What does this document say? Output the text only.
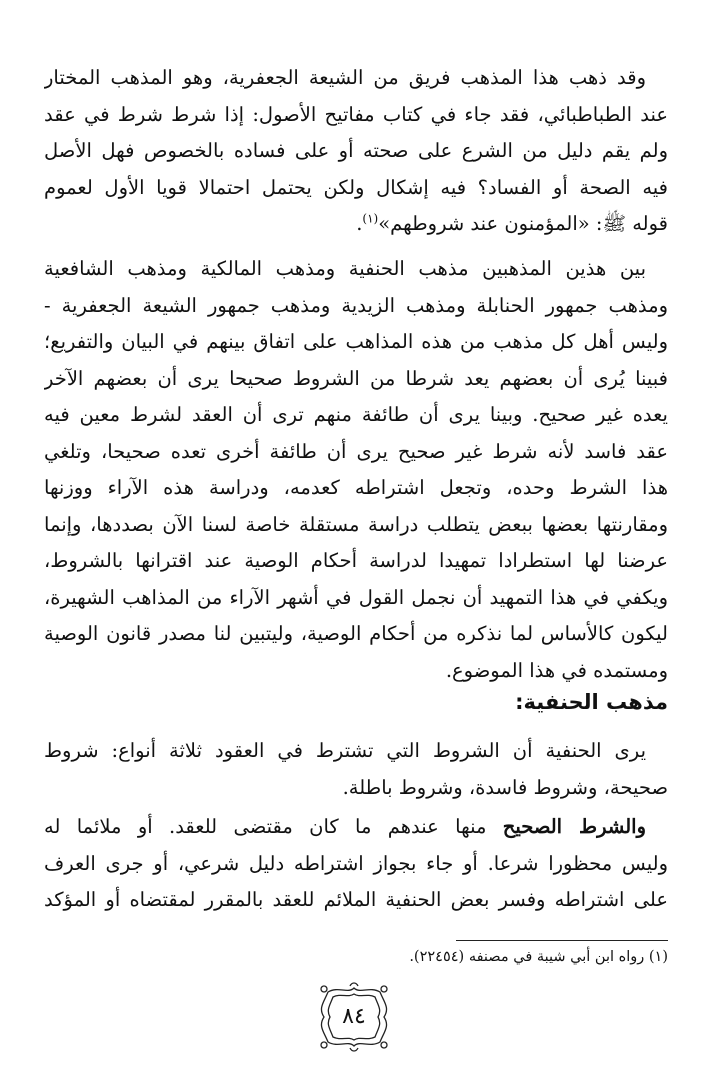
وقد ذهب هذا المذهب فريق من الشيعة الجعفرية، وهو المذهب المختار
عند الطباطبائي، فقد جاء في كتاب مفاتيح الأصول: إذا شرط شرط في عقد
ولم يقم دليل من الشرع على صحته أو على فساده بالخصوص فهل الأصل
فيه الصحة أو الفساد؟ فيه إشكال ولكن يحتمل احتمالا قويا الأول لعموم
قوله ﷺ: «المؤمنون عند شروطهم»$^{(١)}$.
بين هذين المذهبين مذهب الحنفية ومذهب المالكية ومذهب الشافعية
ومذهب جمهور الحنابلة ومذهب الزيدية ومذهب جمهور الشيعة الجعفرية -
وليس أهل كل مذهب من هذه المذاهب على اتفاق بينهم في البيان والتفريع؛
فبينا يُرى أن بعضهم يعد شرطا من الشروط صحيحا يرى أن بعضهم الآخر
يعده غير صحيح. وبينا يرى أن طائفة منهم ترى أن العقد لشرط معين فيه
عقد فاسد لأنه شرط غير صحيح يرى أن طائفة أخرى تعده صحيحا، وتلغي
هذا الشرط وحده، وتجعل اشتراطه كعدمه، ودراسة هذه الآراء ووزنها
ومقارنتها بعضها ببعض يتطلب دراسة مستقلة خاصة لسنا الآن بصددها، وإنما
عرضنا لها استطرادا تمهيدا لدراسة أحكام الوصية عند اقترانها بالشروط،
ويكفي في هذا التمهيد أن نجمل القول في أشهر الآراء من المذاهب الشهيرة،
ليكون كالأساس لما نذكره من أحكام الوصية، وليتبين لنا مصدر قانون الوصية
ومستمده في هذا الموضوع.
مذهب الحنفية:
يرى الحنفية أن الشروط التي تشترط في العقود ثلاثة أنواع: شروط
صحيحة، وشروط فاسدة، وشروط باطلة.
والشرط الصحيح منها عندهم ما كان مقتضى للعقد. أو ملائما له
وليس محظورا شرعا. أو جاء بجواز اشتراطه دليل شرعي، أو جرى العرف
على اشتراطه وفسر بعض الحنفية الملائم للعقد بالمقرر لمقتضاه أو المؤكد
(١) رواه ابن أبي شيبة في مصنفه (٢٢٤٥٤).
٨٤
